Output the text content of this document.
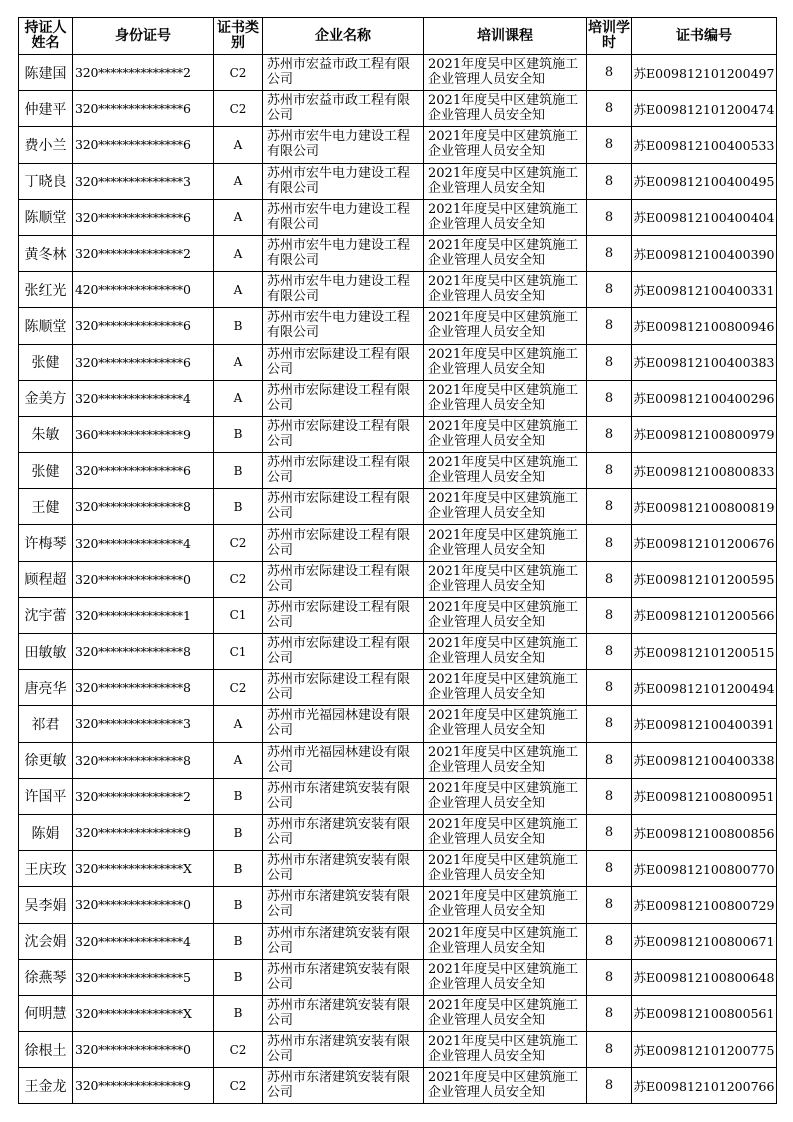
持证人姓名	身份证号	证书类别	企业名称	培训课程	培训学时	证书编号
陈建国	320**************2	C2	苏州市宏益市政工程有限公司	2021年度吴中区建筑施工企业管理人员安全知	8	苏E009812101200497
仲建平	320**************6	C2	苏州市宏益市政工程有限公司	2021年度吴中区建筑施工企业管理人员安全知	8	苏E009812101200474
费小兰	320**************6	A	苏州市宏牛电力建设工程有限公司	2021年度吴中区建筑施工企业管理人员安全知	8	苏E009812100400533
丁晓良	320**************3	A	苏州市宏牛电力建设工程有限公司	2021年度吴中区建筑施工企业管理人员安全知	8	苏E009812100400495
陈顺堂	320**************6	A	苏州市宏牛电力建设工程有限公司	2021年度吴中区建筑施工企业管理人员安全知	8	苏E009812100400404
黄冬林	320**************2	A	苏州市宏牛电力建设工程有限公司	2021年度吴中区建筑施工企业管理人员安全知	8	苏E009812100400390
张红光	420**************0	A	苏州市宏牛电力建设工程有限公司	2021年度吴中区建筑施工企业管理人员安全知	8	苏E009812100400331
陈顺堂	320**************6	B	苏州市宏牛电力建设工程有限公司	2021年度吴中区建筑施工企业管理人员安全知	8	苏E009812100800946
张健	320**************6	A	苏州市宏际建设工程有限公司	2021年度吴中区建筑施工企业管理人员安全知	8	苏E009812100400383
金美方	320**************4	A	苏州市宏际建设工程有限公司	2021年度吴中区建筑施工企业管理人员安全知	8	苏E009812100400296
朱敏	360**************9	B	苏州市宏际建设工程有限公司	2021年度吴中区建筑施工企业管理人员安全知	8	苏E009812100800979
张健	320**************6	B	苏州市宏际建设工程有限公司	2021年度吴中区建筑施工企业管理人员安全知	8	苏E009812100800833
王健	320**************8	B	苏州市宏际建设工程有限公司	2021年度吴中区建筑施工企业管理人员安全知	8	苏E009812100800819
许梅琴	320**************4	C2	苏州市宏际建设工程有限公司	2021年度吴中区建筑施工企业管理人员安全知	8	苏E009812101200676
顾程超	320**************0	C2	苏州市宏际建设工程有限公司	2021年度吴中区建筑施工企业管理人员安全知	8	苏E009812101200595
沈宇蕾	320**************1	C1	苏州市宏际建设工程有限公司	2021年度吴中区建筑施工企业管理人员安全知	8	苏E009812101200566
田敏敏	320**************8	C1	苏州市宏际建设工程有限公司	2021年度吴中区建筑施工企业管理人员安全知	8	苏E009812101200515
唐亮华	320**************8	C2	苏州市宏际建设工程有限公司	2021年度吴中区建筑施工企业管理人员安全知	8	苏E009812101200494
祁君	320**************3	A	苏州市光福园林建设有限公司	2021年度吴中区建筑施工企业管理人员安全知	8	苏E009812100400391
徐更敏	320**************8	A	苏州市光福园林建设有限公司	2021年度吴中区建筑施工企业管理人员安全知	8	苏E009812100400338
许国平	320**************2	B	苏州市东渚建筑安装有限公司	2021年度吴中区建筑施工企业管理人员安全知	8	苏E009812100800951
陈娟	320**************9	B	苏州市东渚建筑安装有限公司	2021年度吴中区建筑施工企业管理人员安全知	8	苏E009812100800856
王庆玫	320**************X	B	苏州市东渚建筑安装有限公司	2021年度吴中区建筑施工企业管理人员安全知	8	苏E009812100800770
吴李娟	320**************0	B	苏州市东渚建筑安装有限公司	2021年度吴中区建筑施工企业管理人员安全知	8	苏E009812100800729
沈会娟	320**************4	B	苏州市东渚建筑安装有限公司	2021年度吴中区建筑施工企业管理人员安全知	8	苏E009812100800671
徐燕琴	320**************5	B	苏州市东渚建筑安装有限公司	2021年度吴中区建筑施工企业管理人员安全知	8	苏E009812100800648
何明慧	320**************X	B	苏州市东渚建筑安装有限公司	2021年度吴中区建筑施工企业管理人员安全知	8	苏E009812100800561
徐根土	320**************0	C2	苏州市东渚建筑安装有限公司	2021年度吴中区建筑施工企业管理人员安全知	8	苏E009812101200775
王金龙	320**************9	C2	苏州市东渚建筑安装有限公司	2021年度吴中区建筑施工企业管理人员安全知	8	苏E009812101200766
